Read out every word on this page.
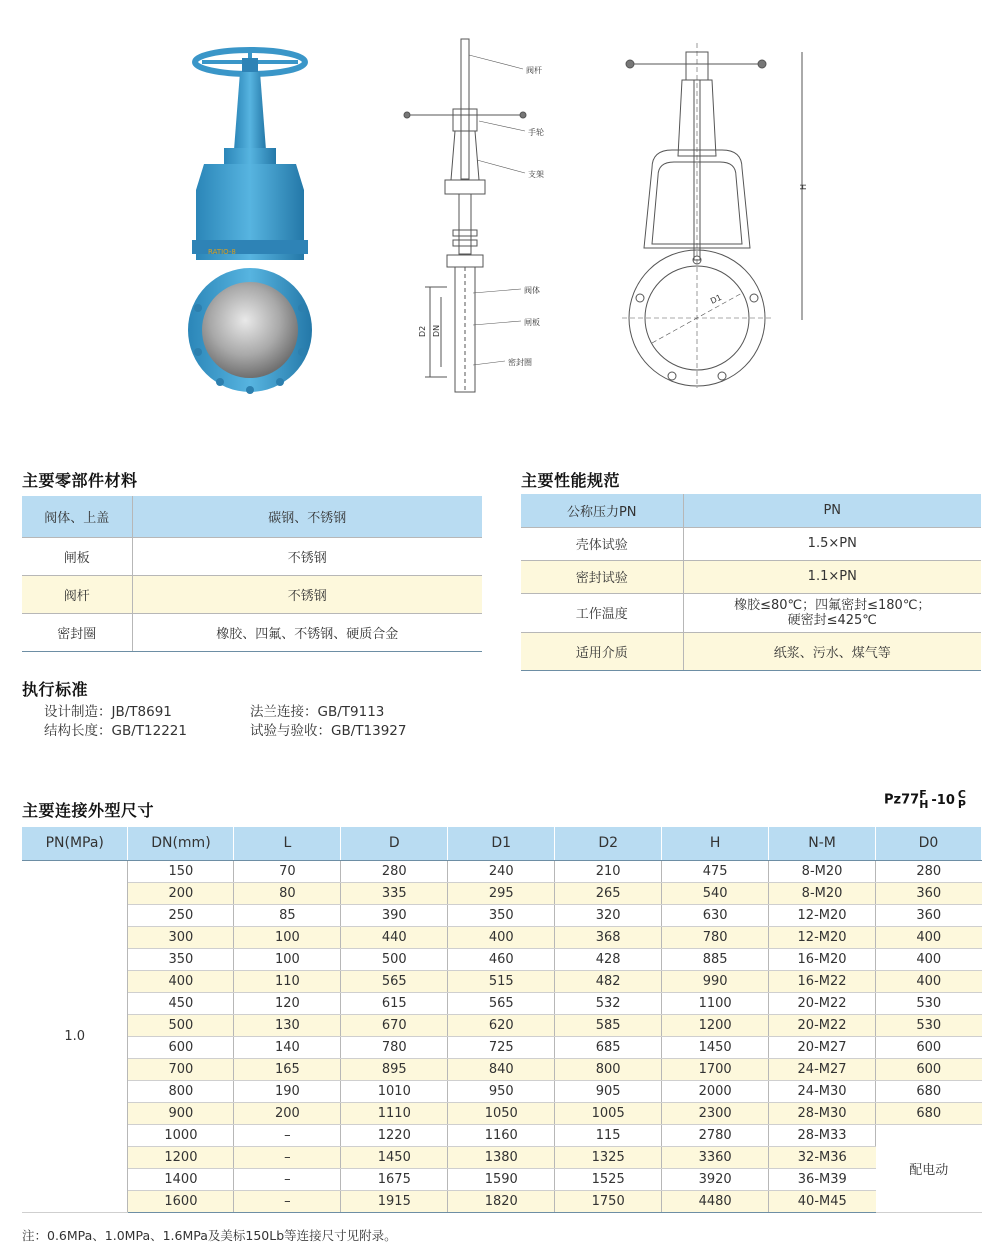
RATIO-8
阀杆
手轮
支架
阀体
闸板
密封圈
D2 DN
H
D1
主要零部件材料
阀体、上盖	碳钢、不锈钢
闸板	不锈钢
阀杆	不锈钢
密封圈	橡胶、四氟、不锈钢、硬质合金
主要性能规范
公称压力PN	PN
壳体试验	1.5×PN
密封试验	1.1×PN
工作温度	橡胶≤80℃；四氟密封≤180℃；
硬密封≤425℃

适用介质	纸浆、污水、煤气等
执行标准
设计制造：JB/T8691	法兰连接：GB/T9113
结构长度：GB/T12221	试验与验收：GB/T13927
主要连接外型尺寸
Pz77 F
H -10 C
P
PN(MPa)	DN(mm)	L	D	D1	D2	H	N-M	D0
1.0	150	70	280	240	210	475	8-M20	280
	200	80	335	295	265	540	8-M20	360
	250	85	390	350	320	630	12-M20	360
	300	100	440	400	368	780	12-M20	400
	350	100	500	460	428	885	16-M20	400
	400	110	565	515	482	990	16-M22	400
	450	120	615	565	532	1100	20-M22	530
	500	130	670	620	585	1200	20-M22	530
	600	140	780	725	685	1450	20-M27	600
	700	165	895	840	800	1700	24-M27	600
	800	190	1010	950	905	2000	24-M30	680
	900	200	1110	1050	1005	2300	28-M30	680
	1000	–	1220	1160	115	2780	28-M33	配电动
	1200	–	1450	1380	1325	3360	32-M36	
	1400	–	1675	1590	1525	3920	36-M39	
	1600	–	1915	1820	1750	4480	40-M45	
注：0.6MPa、1.0MPa、1.6MPa及美标150Lb等连接尺寸见附录。
